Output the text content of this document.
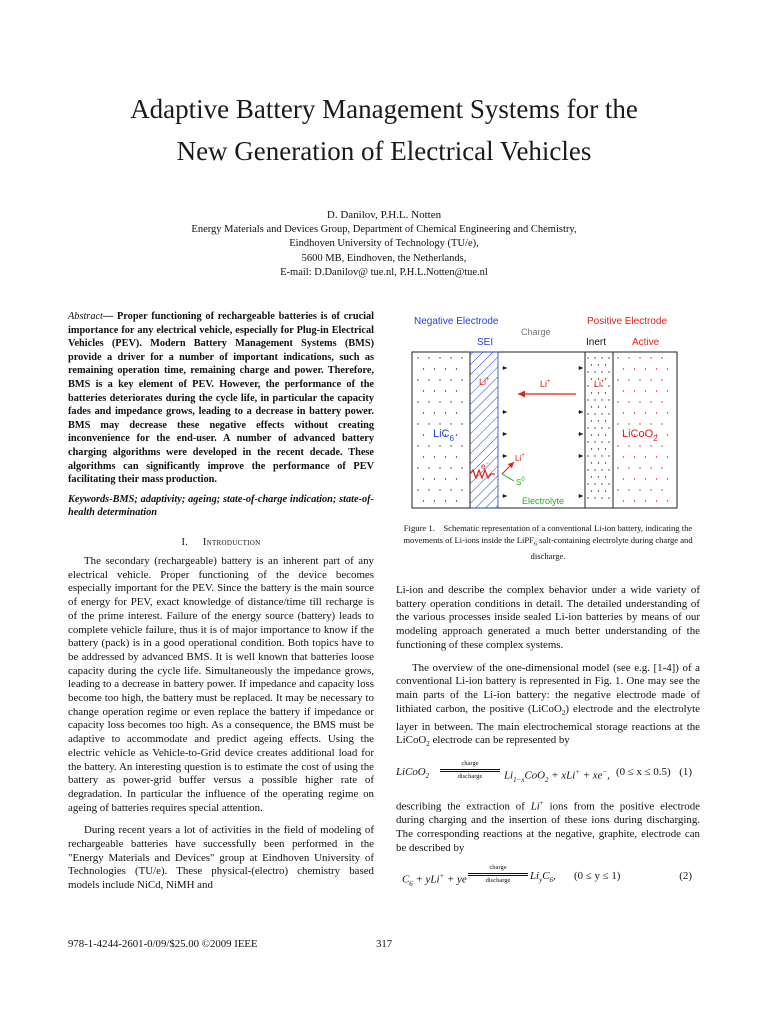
Adaptive Battery Management Systems for the
New Generation of Electrical Vehicles
D. Danilov, P.H.L. Notten
Energy Materials and Devices Group, Department of Chemical Engineering and Chemistry,
Eindhoven University of Technology (TU/e),
5600 MB, Eindhoven, the Netherlands,
E-mail: D.Danilov@ tue.nl, P.H.L.Notten@tue.nl

Abstract— Proper functioning of rechargeable batteries is of crucial importance for any electrical vehicle, especially for Plug-in Electrical Vehicles (PEV). Modern Battery Management Systems (BMS) provide a driver for a number of important indications, such as remaining operation time, remaining charge and power. Therefore, BMS is a key element of PEV. However, the performance of the batteries deteriorates during the cycle life, in particular the capacity fades and impedance grows, leading to a decrease in battery power. BMS may decrease these negative effects without creating inconvenience for the end-user. A number of advanced battery charging algorithms were developed in the recent decade. These algorithms can significantly improve the performance of PEV facilitating their mass production.

Keywords-BMS; adaptivity; ageing; state-of-charge indication; state-of-health determination

I. Introduction

The secondary (rechargeable) battery is an inherent part of any electrical vehicle. Proper functioning of the device becomes especially important for the PEV. Since the battery is the main source of energy for PEV, exact knowledge of distance/time till recharge is of the prime interest. Failure of the energy source (battery) leads to complete vehicle failure, thus it is of major importance to know if the battery (pack) is in a good operational condition. Both topics have to be addressed by advanced BMS. It is well known that batteries loose capacity during the cycle life. Simultaneously the impedance grows, leading to a decrease in battery power. If impedance and capacity loss become too high, the battery must be replaced. It may be necessary to change operation regime or even replace the battery if impedance or capacity loss becomes too high. As a consequence, the BMS must be adaptive to accommodate and predict ageing effects. Using the electric vehicle as Vehicle-to-Grid device creates additional load for the battery. An interesting question is to estimate the cost of using the battery as power-grid buffer versus a possible higher rate of degradation. In particular the influence of the operating regime on ageing of batteries requires special attention.

During recent years a lot of activities in the field of modeling of rechargeable batteries have successfully been performed in the "Energy Materials and Devices" group at Eindhoven University of Technologies (TU/e). These physical-(electro) chemistry based models include NiCd, NiMH and

Negative Electrode	Positive Electrode
Charge
SEI	Inert	Active
Li+	Li+	Li+
LiC$_6$	LiCoO$_2$
e−
Li+
$S^0$
Electrolyte
Figure 1. Schematic representation of a conventional Li-ion battery, indicating the movements of Li-ions inside the LiPF$_6$ salt-containing electrolyte during charge and discharge.

Li-ion and describe the complex behavior under a wide variety of battery operation conditions in detail. The detailed understanding of the various processes inside sealed Li-ion batteries by means of our modeling approach generated a much better understanding of the functioning of these complex systems.

The overview of the one-dimensional model (see e.g. [1-4]) of a conventional Li-ion battery is represented in Fig. 1. One may see the main parts of the Li-ion battery: the negative electrode made of lithiated carbon, the positive (LiCoO$_2$) electrode and the electrolyte layer in between. The main electrochemical storage reactions at the LiCoO$_2$ electrode can be represented by

LiCoO$_2$
charge
discharge	$Li_{1-x}CoO_2 + xLi^+ + xe^-$, (0 ≤ x ≤ 0.5) (1)

describing the extraction of Li+ ions from the positive electrode during charging and the insertion of these ions during discharging. The corresponding reactions at the negative, graphite, electrode can be described by

$C_6 + yLi^+ + ye^-$
charge
discharge	$Li_yC_6$, (0 ≤ y ≤ 1)	(2)
978-1-4244-2601-0/09/$25.00 ©2009 IEEE	317
